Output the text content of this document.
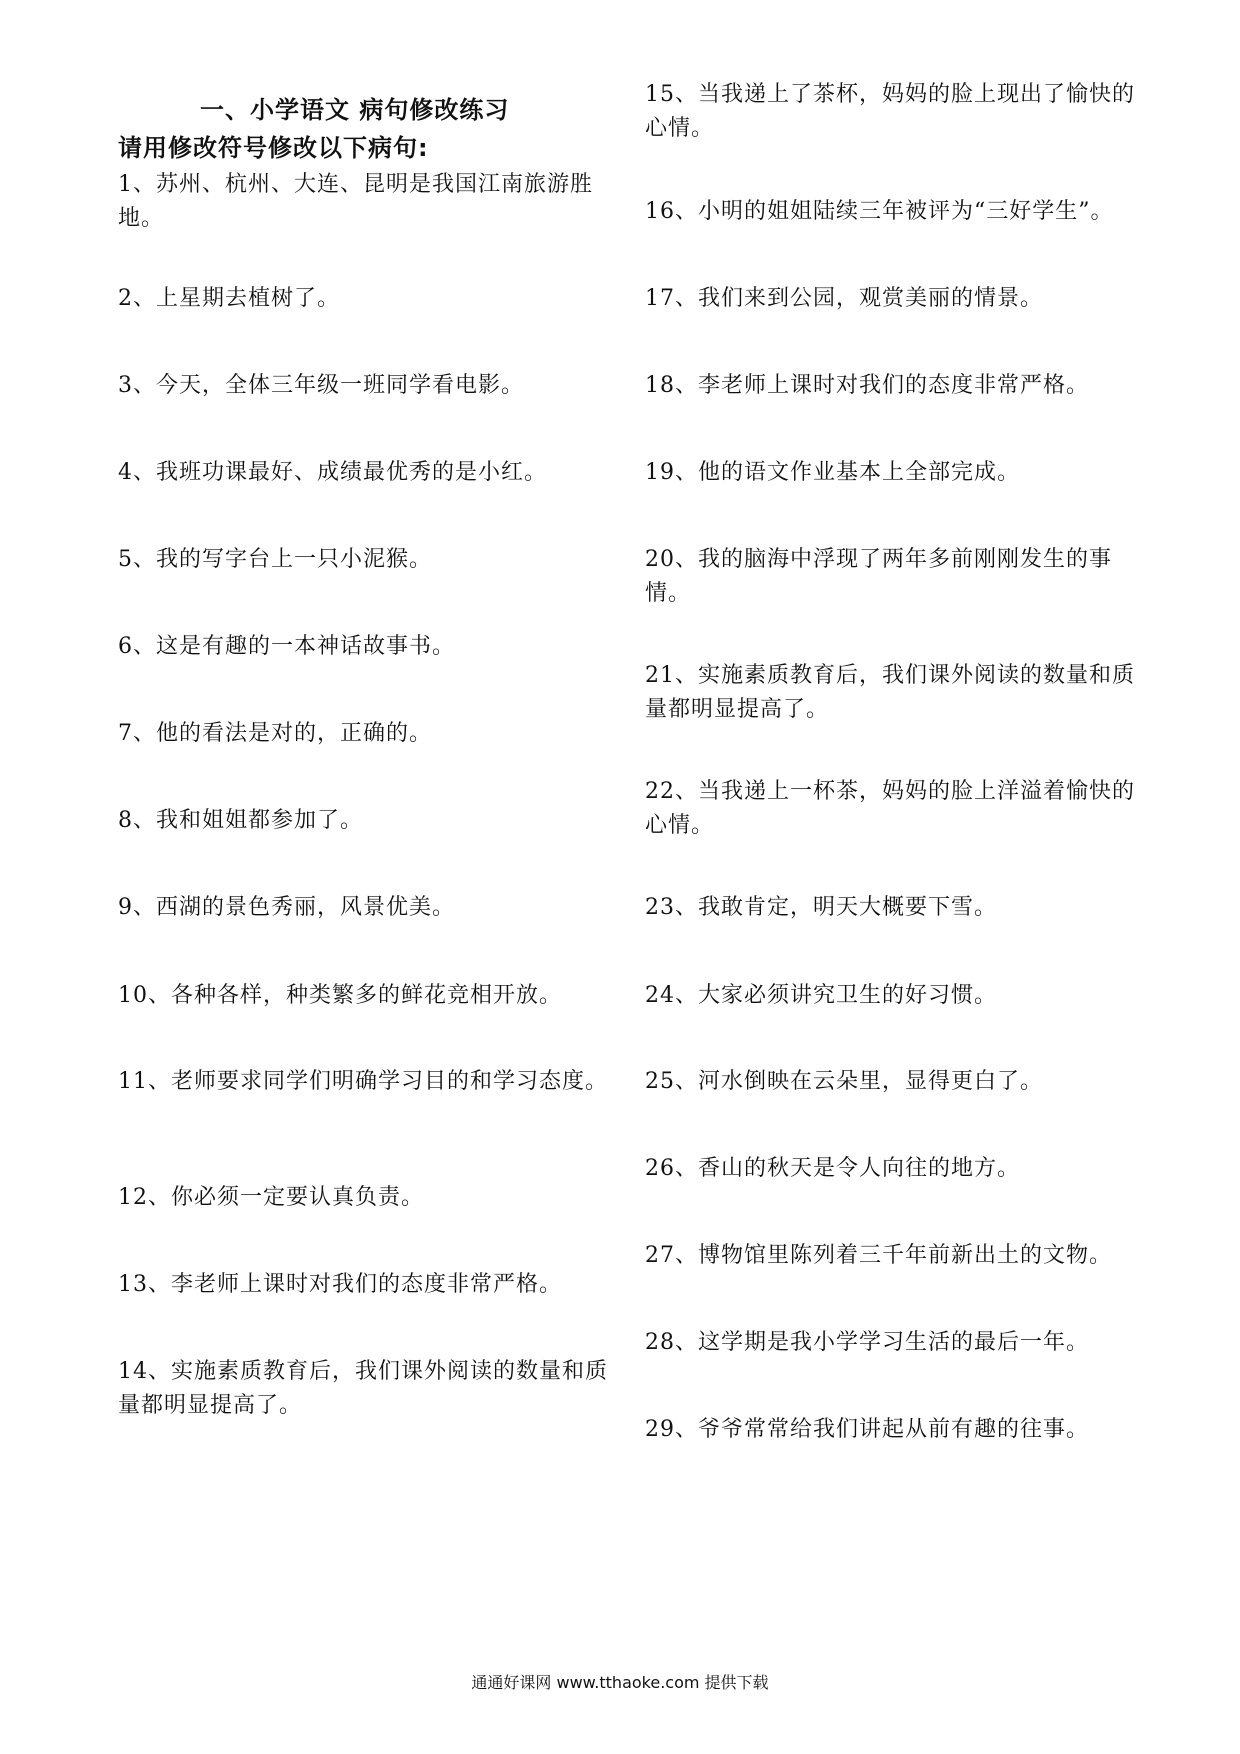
一、小学语文 病句修改练习
请用修改符号修改以下病句:
1、苏州、杭州、大连、昆明是我国江南旅游胜地。
2、上星期去植树了。
3、今天，全体三年级一班同学看电影。
4、我班功课最好、成绩最优秀的是小红。
5、我的写字台上一只小泥猴。
6、这是有趣的一本神话故事书。
7、他的看法是对的，正确的。
8、我和姐姐都参加了。
9、西湖的景色秀丽，风景优美。
10、各种各样，种类繁多的鲜花竞相开放。
11、老师要求同学们明确学习目的和学习态度。
12、你必须一定要认真负责。
13、李老师上课时对我们的态度非常严格。
14、实施素质教育后，我们课外阅读的数量和质量都明显提高了。
15、当我递上了茶杯，妈妈的脸上现出了愉快的心情。
16、小明的姐姐陆续三年被评为“三好学生”。
17、我们来到公园，观赏美丽的情景。
18、李老师上课时对我们的态度非常严格。
19、他的语文作业基本上全部完成。
20、我的脑海中浮现了两年多前刚刚发生的事情。
21、实施素质教育后，我们课外阅读的数量和质量都明显提高了。
22、当我递上一杯茶，妈妈的脸上洋溢着愉快的心情。
23、我敢肯定，明天大概要下雪。
24、大家必须讲究卫生的好习惯。
25、河水倒映在云朵里，显得更白了。
26、香山的秋天是令人向往的地方。
27、博物馆里陈列着三千年前新出土的文物。
28、这学期是我小学学习生活的最后一年。
29、爷爷常常给我们讲起从前有趣的往事。
通通好课网 www.tthaoke.com 提供下载
